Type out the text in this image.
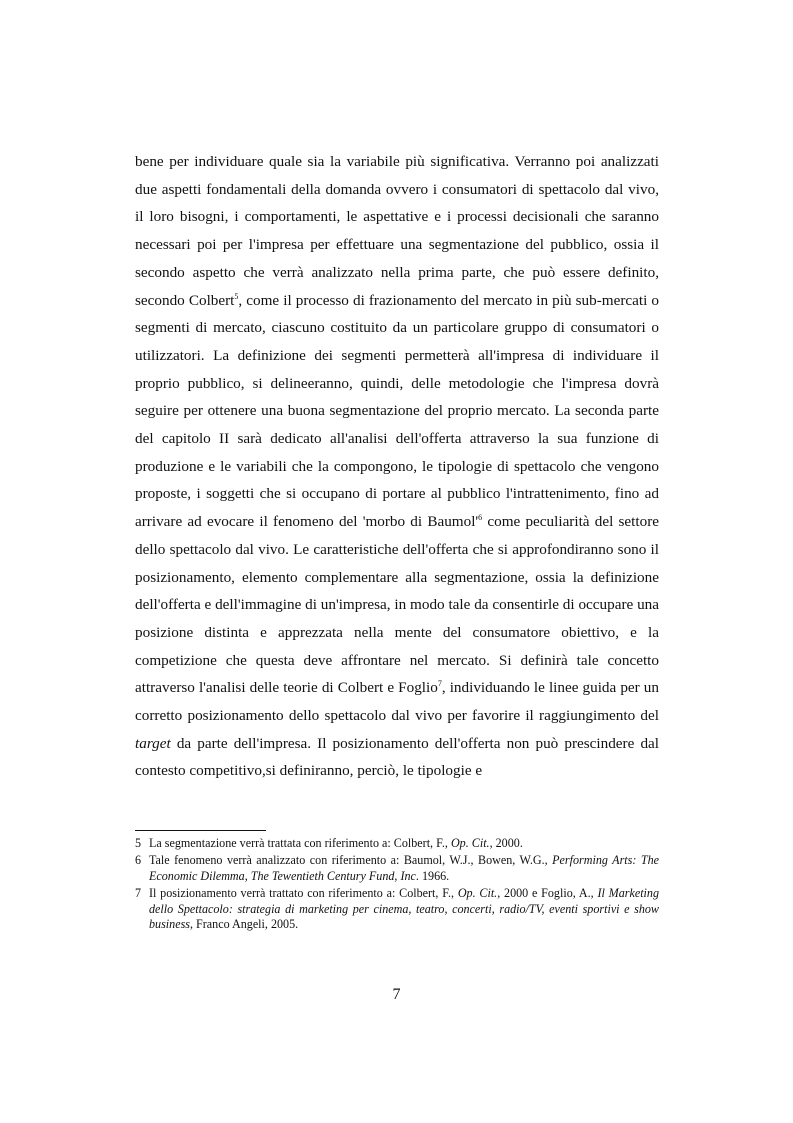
bene per individuare quale sia la variabile più significativa. Verranno poi analizzati due aspetti fondamentali della domanda ovvero i consumatori di spettacolo dal vivo, il loro bisogni, i comportamenti, le aspettative e i processi decisionali che saranno necessari poi per l'impresa per effettuare una segmentazione del pubblico, ossia il secondo aspetto che verrà analizzato nella prima parte, che può essere definito, secondo Colbert$^5$, come il processo di frazionamento del mercato in più sub-mercati o segmenti di mercato, ciascuno costituito da un particolare gruppo di consumatori o utilizzatori. La definizione dei segmenti permetterà all'impresa di individuare il proprio pubblico, si delineeranno, quindi, delle metodologie che l'impresa dovrà seguire per ottenere una buona segmentazione del proprio mercato. La seconda parte del capitolo II sarà dedicato all'analisi dell'offerta attraverso la sua funzione di produzione e le variabili che la compongono, le tipologie di spettacolo che vengono proposte, i soggetti che si occupano di portare al pubblico l'intrattenimento, fino ad arrivare ad evocare il fenomeno del 'morbo di $Baumol'^6$ come peculiarità del settore dello spettacolo dal vivo. Le caratteristiche dell'offerta che si approfondiranno sono il posizionamento, elemento complementare alla segmentazione, ossia la definizione dell'offerta e dell'immagine di un'impresa, in modo tale da consentirle di occupare una posizione distinta e apprezzata nella mente del consumatore obiettivo, e la competizione che questa deve affrontare nel mercato. Si definirà tale concetto attraverso l'analisi delle teorie di Colbert e Foglio$^7$, individuando le linee guida per un corretto posizionamento dello spettacolo dal vivo per favorire il raggiungimento del target da parte dell'impresa. Il posizionamento dell'offerta non può prescindere dal contesto competitivo,si definiranno, perciò, le tipologie e

5 La segmentazione verrà trattata con riferimento a: Colbert, F., Op. Cit., 2000.
6 Tale fenomeno verrà analizzato con riferimento a: Baumol, W.J., Bowen, W.G., Performing Arts: The Economic Dilemma, The Tewentieth Century Fund, Inc. 1966.
7 Il posizionamento verrà trattato con riferimento a: Colbert, F., Op. Cit., 2000 e Foglio, A., Il Marketing dello Spettacolo: strategia di marketing per cinema, teatro, concerti, radio/TV, eventi sportivi e show business, Franco Angeli, 2005.
7
